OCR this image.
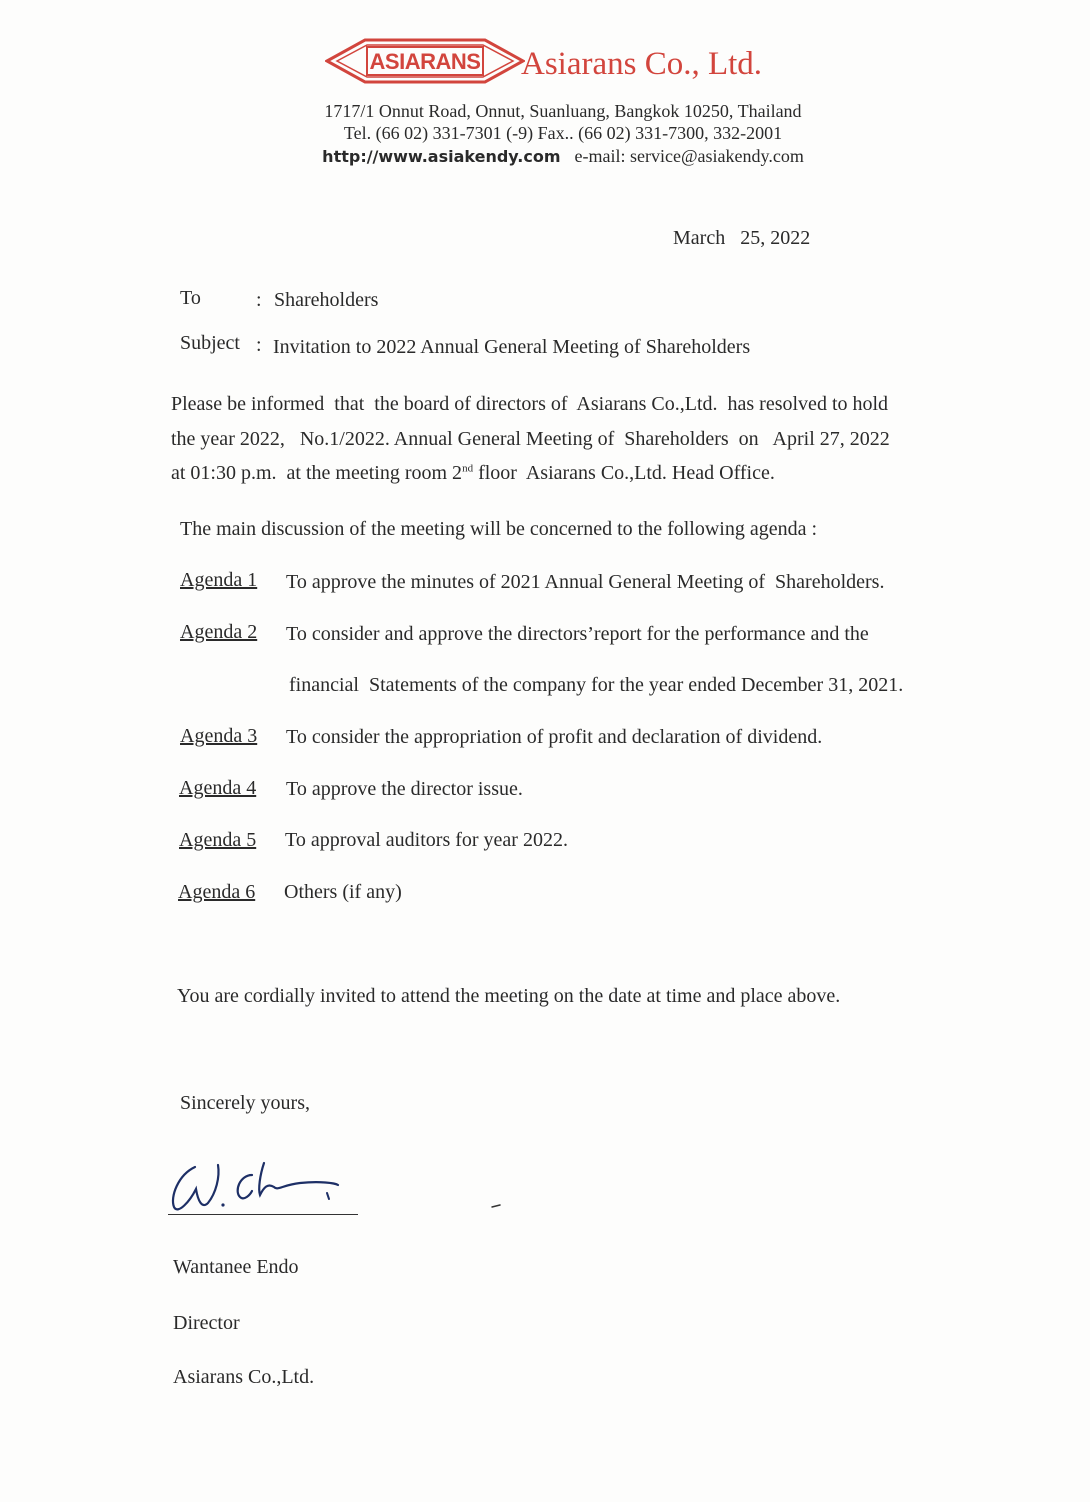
ASIARANS Asiarans Co., Ltd.
1717/1 Onnut Road, Onnut, Suanluang, Bangkok 10250, Thailand
Tel. (66 02) 331-7301 (-9) Fax.. (66 02) 331-7300, 332-2001
http://www.asiakendy.com e-mail: service@asiakendy.com
March   25, 2022
To	: Shareholders
Subject : Invitation to 2022 Annual General Meeting of Shareholders
Please be informed  that  the board of directors of  Asiarans Co.,Ltd.  has resolved to hold
the year 2022,   No.1/2022. Annual General Meeting of  Shareholders  on   April 27, 2022
at 01:30 p.m.  at the meeting room 2nd floor  Asiarans Co.,Ltd. Head Office.
The main discussion of the meeting will be concerned to the following agenda :
Agenda 1 To approve the minutes of 2021 Annual General Meeting of  Shareholders.
Agenda 2 To consider and approve the directors’report for the performance and the
financial  Statements of the company for the year ended December 31, 2021.
Agenda 3 To consider the appropriation of profit and declaration of dividend.
Agenda 4 To approve the director issue.
Agenda 5 To approval auditors for year 2022.
Agenda 6 Others (if any)
You are cordially invited to attend the meeting on the date at time and place above.
Sincerely yours,
Wantanee Endo
Director
Asiarans Co.,Ltd.
